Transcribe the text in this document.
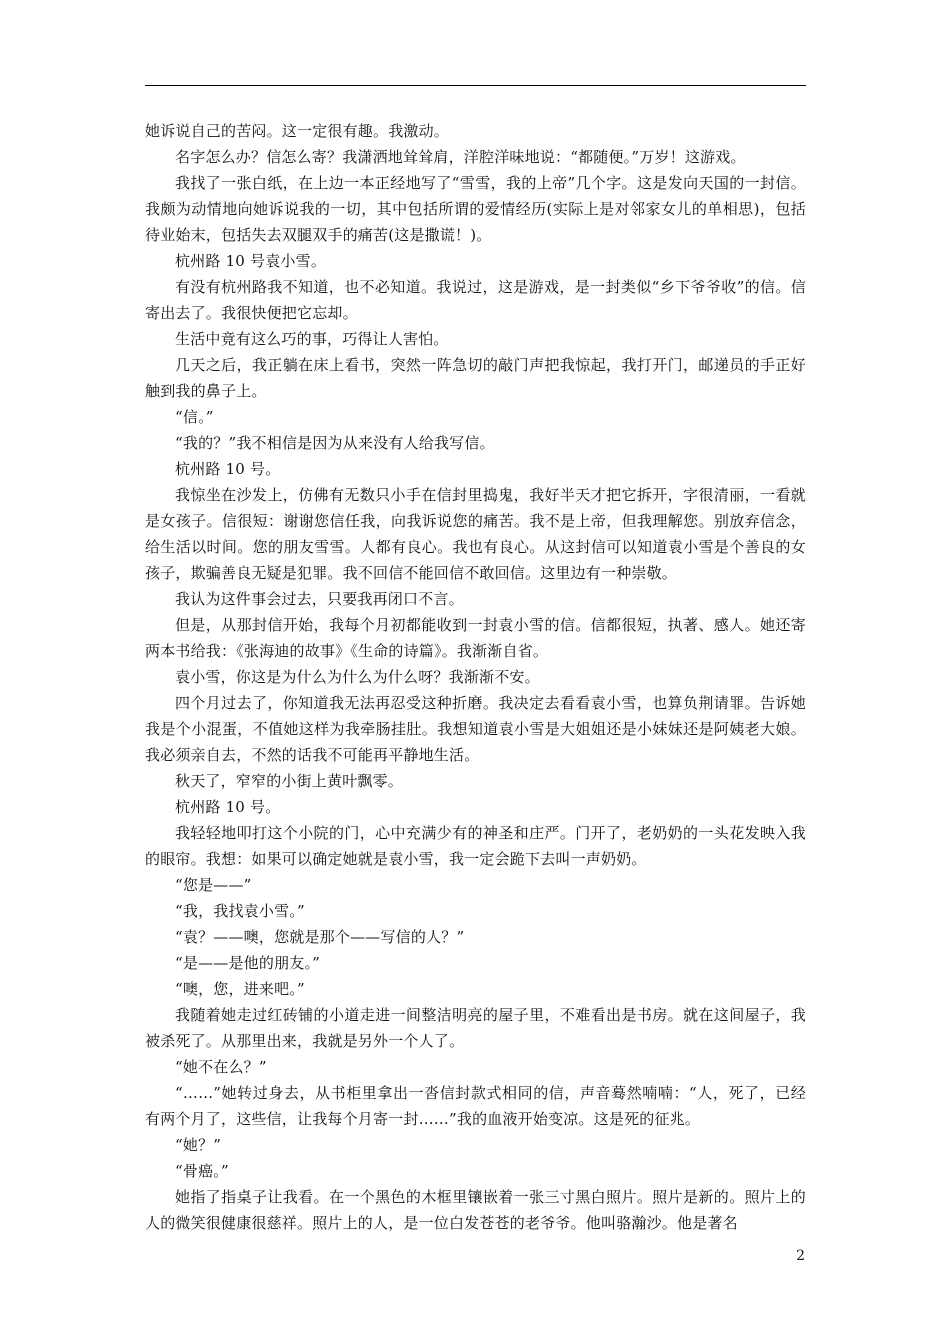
她诉说自己的苦闷。这一定很有趣。我激动。

名字怎么办？信怎么寄？我潇洒地耸耸肩，洋腔洋味地说：“都随便。”万岁！这游戏。

我找了一张白纸，在上边一本正经地写了“雪雪，我的上帝”几个字。这是发向天国的一封信。我颇为动情地向她诉说我的一切，其中包括所谓的爱情经历(实际上是对邻家女儿的单相思)，包括待业始末，包括失去双腿双手的痛苦(这是撒谎！)。

杭州路 10 号袁小雪。

有没有杭州路我不知道，也不必知道。我说过，这是游戏，是一封类似“乡下爷爷收”的信。信寄出去了。我很快便把它忘却。

生活中竟有这么巧的事，巧得让人害怕。

几天之后，我正躺在床上看书，突然一阵急切的敲门声把我惊起，我打开门，邮递员的手正好触到我的鼻子上。

“信。”

“我的？”我不相信是因为从来没有人给我写信。

杭州路 10 号。

我惊坐在沙发上，仿佛有无数只小手在信封里捣鬼，我好半天才把它拆开，字很清丽，一看就是女孩子。信很短：谢谢您信任我，向我诉说您的痛苦。我不是上帝，但我理解您。别放弃信念，给生活以时间。您的朋友雪雪。人都有良心。我也有良心。从这封信可以知道袁小雪是个善良的女孩子，欺骗善良无疑是犯罪。我不回信不能回信不敢回信。这里边有一种崇敬。

我认为这件事会过去，只要我再闭口不言。

但是，从那封信开始，我每个月初都能收到一封袁小雪的信。信都很短，执著、感人。她还寄两本书给我：《张海迪的故事》《生命的诗篇》。我渐渐自省。

袁小雪，你这是为什么为什么为什么呀？我渐渐不安。

四个月过去了，你知道我无法再忍受这种折磨。我决定去看看袁小雪，也算负荆请罪。告诉她我是个小混蛋，不值她这样为我牵肠挂肚。我想知道袁小雪是大姐姐还是小妹妹还是阿姨老大娘。我必须亲自去，不然的话我不可能再平静地生活。

秋天了，窄窄的小街上黄叶飘零。

杭州路 10 号。

我轻轻地叩打这个小院的门，心中充满少有的神圣和庄严。门开了，老奶奶的一头花发映入我的眼帘。我想：如果可以确定她就是袁小雪，我一定会跪下去叫一声奶奶。

“您是——”

“我，我找袁小雪。”

“袁？——噢，您就是那个——写信的人？”

“是——是他的朋友。”

“噢，您，进来吧。”

我随着她走过红砖铺的小道走进一间整洁明亮的屋子里，不难看出是书房。就在这间屋子，我被杀死了。从那里出来，我就是另外一个人了。

“她不在么？”

“……”她转过身去，从书柜里拿出一沓信封款式相同的信，声音蓦然喃喃：“人，死了，已经有两个月了，这些信，让我每个月寄一封……”我的血液开始变凉。这是死的征兆。

“她？”

“骨癌。”

她指了指桌子让我看。在一个黑色的木框里镶嵌着一张三寸黑白照片。照片是新的。照片上的人的微笑很健康很慈祥。照片上的人，是一位白发苍苍的老爷爷。他叫骆瀚沙。他是著名

2
